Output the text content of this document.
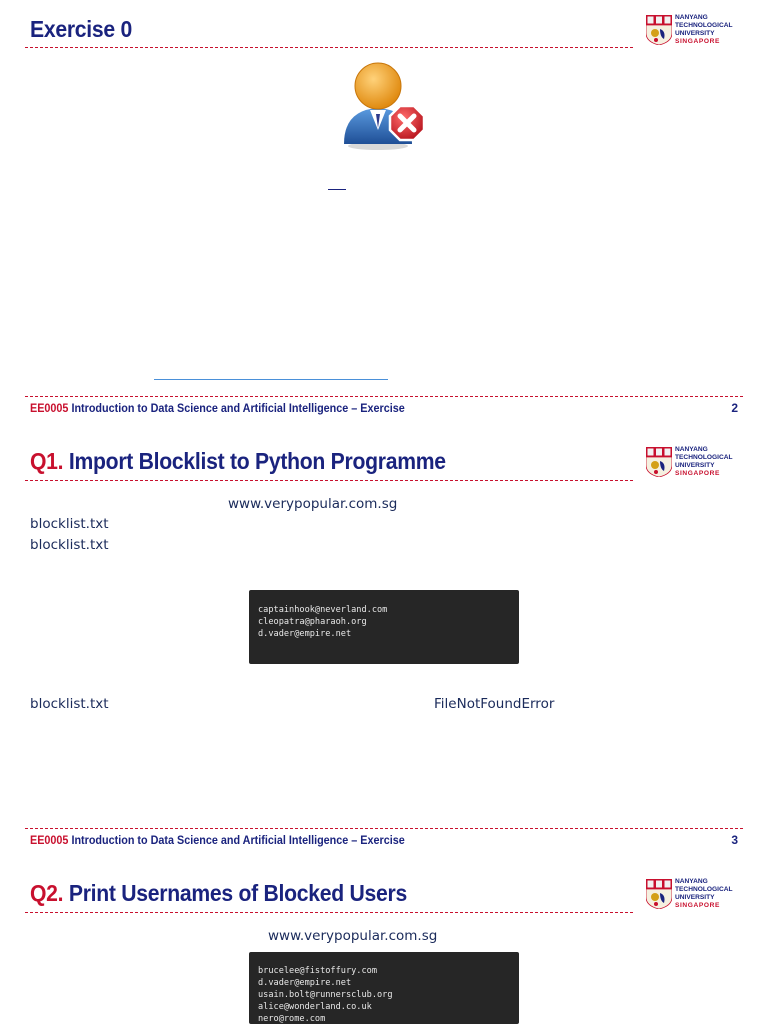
Exercise 0	NANYANG
TECHNOLOGICAL
UNIVERSITY
SINGAPORE
EE0005 Introduction to Data Science and Artificial Intelligence – Exercise	2
Q1. Import Blocklist to Python Programme	NANYANG
TECHNOLOGICAL
UNIVERSITY
SINGAPORE
www.verypopular.com.sg
blocklist.txt
blocklist.txt
captainhook@neverland.com
cleopatra@pharaoh.org
d.vader@empire.net
blocklist.txt	FileNotFoundError
EE0005 Introduction to Data Science and Artificial Intelligence – Exercise	3
Q2. Print Usernames of Blocked Users	NANYANG
TECHNOLOGICAL
UNIVERSITY
SINGAPORE
www.verypopular.com.sg
brucelee@fistoffury.com
d.vader@empire.net
usain.bolt@runnersclub.org
alice@wonderland.co.uk
nero@rome.com
